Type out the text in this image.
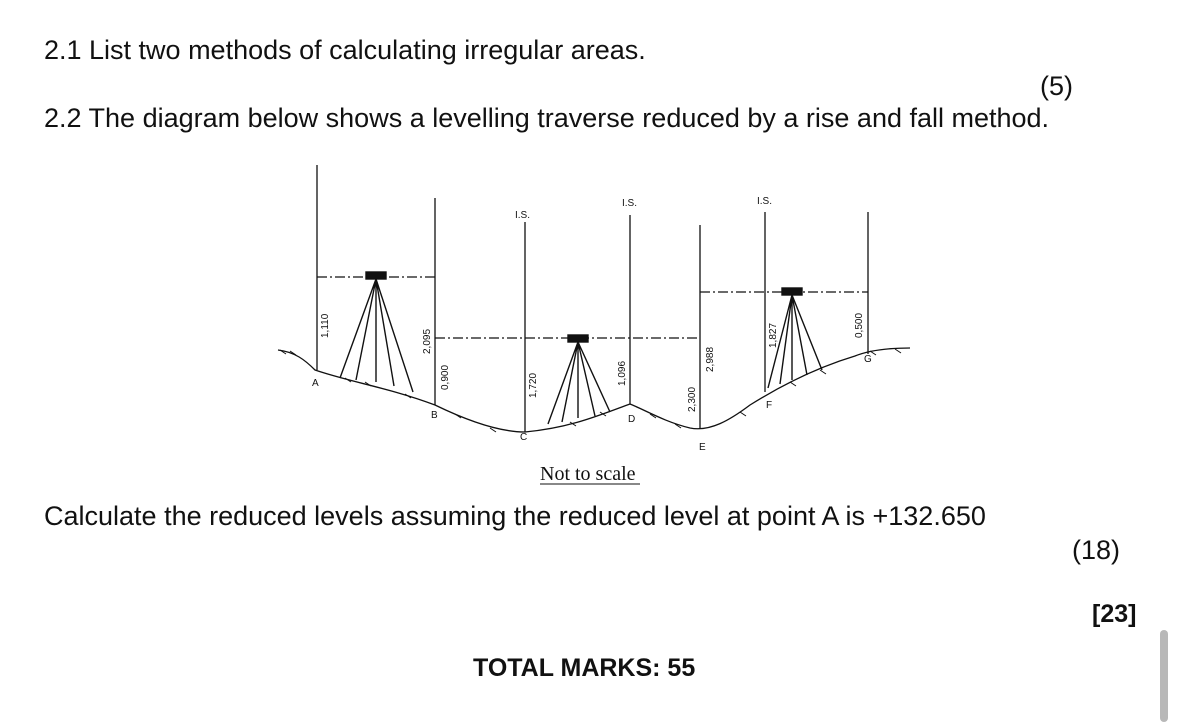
2.1 List two methods of calculating irregular areas.
(5)
2.2 The diagram below shows a levelling traverse reduced by a rise and fall method.
I.S.
I.S.	I.S.
1,110
2,095
0,900	1,720	1,096
2,300
2,988
1,827	0,500
A
B
C
D
E
F
G
Not to scale
Calculate the reduced levels assuming the reduced level at point A is +132.650
(18)
[23]
TOTAL MARKS: 55
